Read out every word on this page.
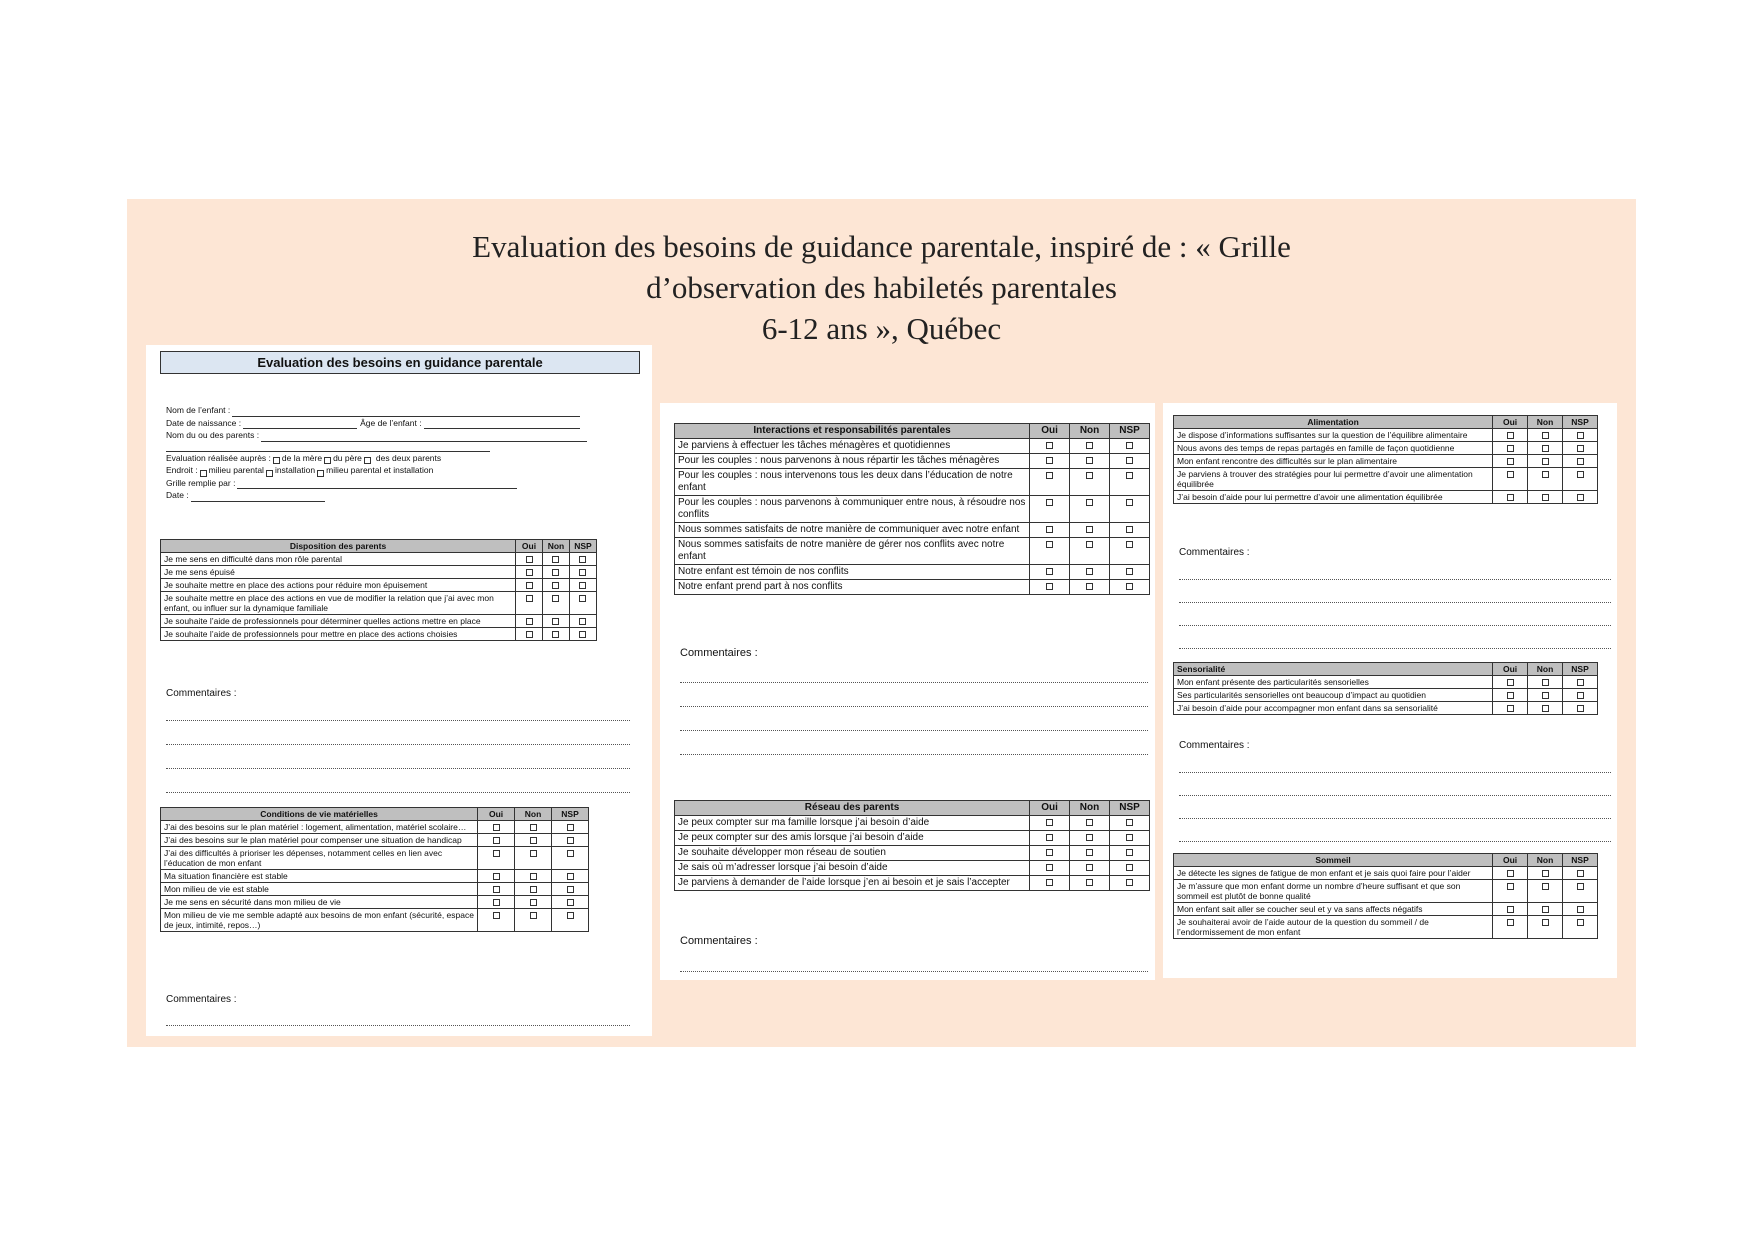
Evaluation des besoins de guidance parentale, inspiré de : « Grille
d’observation des habiletés parentales
6-12 ans », Québec
Evaluation des besoins en guidance parentale
Nom de l’enfant :
Date de naissance :	Âge de l’enfant :
Nom du ou des parents :
Evaluation réalisée auprès : de la mère du père des deux parents
Endroit : milieu parental installation milieu parental et installation
Grille remplie par :
Date :
Disposition des parents	Oui	Non	NSP
Je me sens en difficulté dans mon rôle parental			
Je me sens épuisé			
Je souhaite mettre en place des actions pour réduire mon épuisement			
Je souhaite mettre en place des actions en vue de modifier la relation que j’ai avec mon enfant, ou influer sur la dynamique familiale			
Je souhaite l’aide de professionnels pour déterminer quelles actions mettre en place			
Je souhaite l’aide de professionnels pour mettre en place des actions choisies			
Commentaires :
Conditions de vie matérielles	Oui	Non	NSP
J’ai des besoins sur le plan matériel : logement, alimentation, matériel scolaire…			
J’ai des besoins sur le plan matériel pour compenser une situation de handicap			
J’ai des difficultés à prioriser les dépenses, notamment celles en lien avec l’éducation de mon enfant			
Ma situation financière est stable			
Mon milieu de vie est stable			
Je me sens en sécurité dans mon milieu de vie			
Mon milieu de vie me semble adapté aux besoins de mon enfant (sécurité, espace de jeux, intimité, repos…)			
Commentaires :
Interactions et responsabilités parentales	Oui	Non	NSP
Je parviens à effectuer les tâches ménagères et quotidiennes			
Pour les couples : nous parvenons à nous répartir les tâches ménagères			
Pour les couples : nous intervenons tous les deux dans l’éducation de notre enfant			
Pour les couples : nous parvenons à communiquer entre nous, à résoudre nos conflits			
Nous sommes satisfaits de notre manière de communiquer avec notre enfant			
Nous sommes satisfaits de notre manière de gérer nos conflits avec notre enfant			
Notre enfant est témoin de nos conflits			
Notre enfant prend part à nos conflits			
Commentaires :
Réseau des parents	Oui	Non	NSP
Je peux compter sur ma famille lorsque j’ai besoin d’aide			
Je peux compter sur des amis lorsque j’ai besoin d’aide			
Je souhaite développer mon réseau de soutien			
Je sais où m’adresser lorsque j’ai besoin d’aide			
Je parviens à demander de l’aide lorsque j’en ai besoin et je sais l’accepter			
Commentaires :
Alimentation	Oui	Non	NSP
Je dispose d’informations suffisantes sur la question de l’équilibre alimentaire			
Nous avons des temps de repas partagés en famille de façon quotidienne			
Mon enfant rencontre des difficultés sur le plan alimentaire			
Je parviens à trouver des stratégies pour lui permettre d’avoir une alimentation équilibrée			
J’ai besoin d’aide pour lui permettre d’avoir une alimentation équilibrée			
Commentaires :
Sensorialité	Oui	Non	NSP
Mon enfant présente des particularités sensorielles			
Ses particularités sensorielles ont beaucoup d’impact au quotidien			
J’ai besoin d’aide pour accompagner mon enfant dans sa sensorialité			
Commentaires :
Sommeil	Oui	Non	NSP
Je détecte les signes de fatigue de mon enfant et je sais quoi faire pour l’aider			
Je m’assure que mon enfant dorme un nombre d’heure suffisant et que son sommeil est plutôt de bonne qualité			
Mon enfant sait aller se coucher seul et y va sans affects négatifs			
Je souhaiterai avoir de l’aide autour de la question du sommeil / de l’endormissement de mon enfant			
